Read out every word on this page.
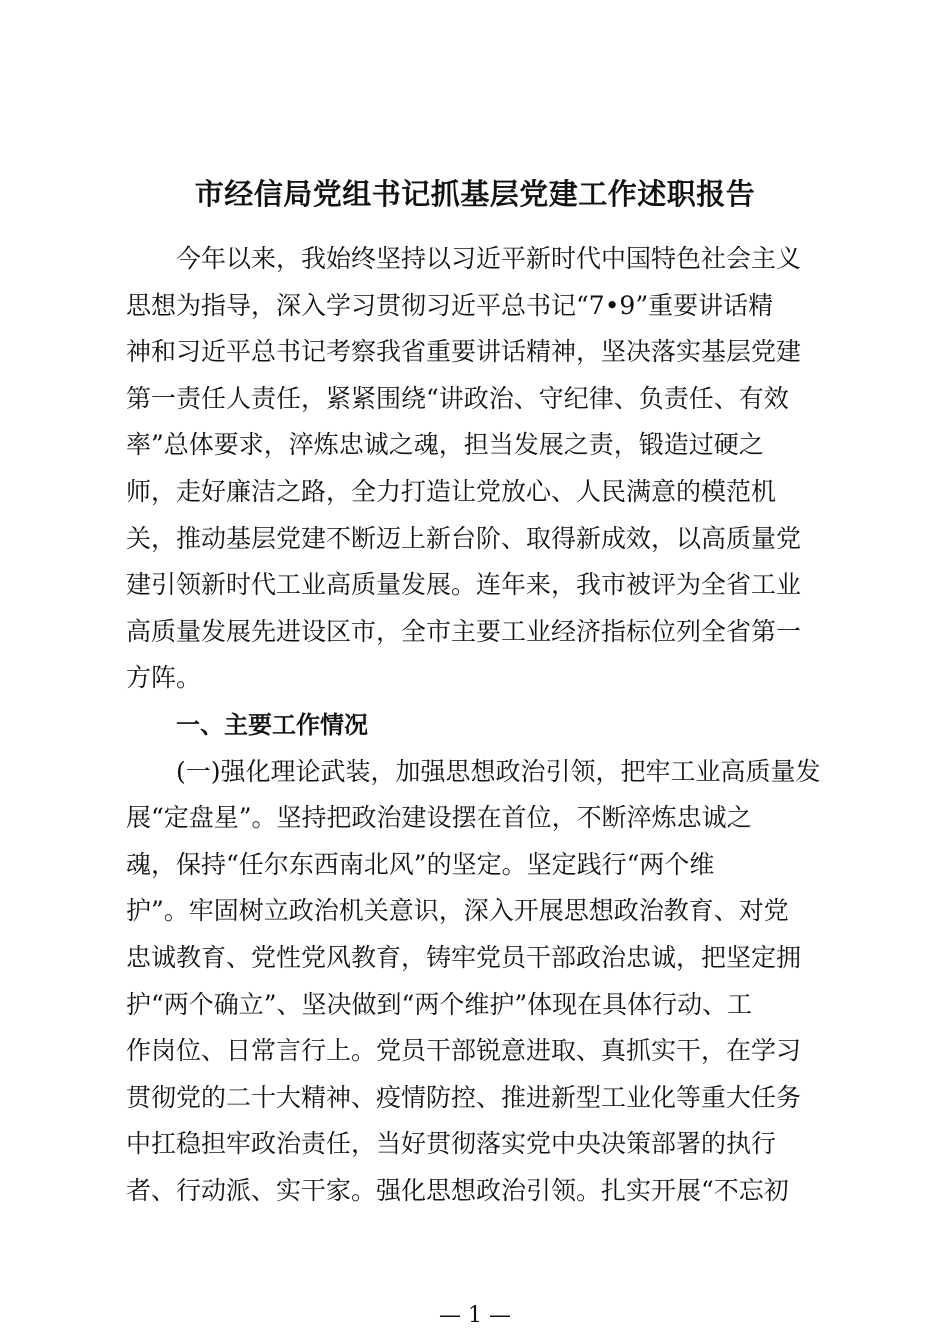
市经信局党组书记抓基层党建工作述职报告
今年以来，我始终坚持以习近平新时代中国特色社会主义
思想为指导，深入学习贯彻习近平总书记“7•9”重要讲话精
神和习近平总书记考察我省重要讲话精神，坚决落实基层党建
第一责任人责任，紧紧围绕“讲政治、守纪律、负责任、有效
率”总体要求，淬炼忠诚之魂，担当发展之责，锻造过硬之
师，走好廉洁之路，全力打造让党放心、人民满意的模范机
关，推动基层党建不断迈上新台阶、取得新成效，以高质量党
建引领新时代工业高质量发展。连年来，我市被评为全省工业
高质量发展先进设区市，全市主要工业经济指标位列全省第一
方阵。
一、主要工作情况
(一)强化理论武装，加强思想政治引领，把牢工业高质量发
展“定盘星”。坚持把政治建设摆在首位，不断淬炼忠诚之
魂，保持“任尔东西南北风”的坚定。坚定践行“两个维
护”。牢固树立政治机关意识，深入开展思想政治教育、对党
忠诚教育、党性党风教育，铸牢党员干部政治忠诚，把坚定拥
护“两个确立”、坚决做到“两个维护”体现在具体行动、工
作岗位、日常言行上。党员干部锐意进取、真抓实干，在学习
贯彻党的二十大精神、疫情防控、推进新型工业化等重大任务
中扛稳担牢政治责任，当好贯彻落实党中央决策部署的执行
者、行动派、实干家。强化思想政治引领。扎实开展“不忘初
— 1 —
